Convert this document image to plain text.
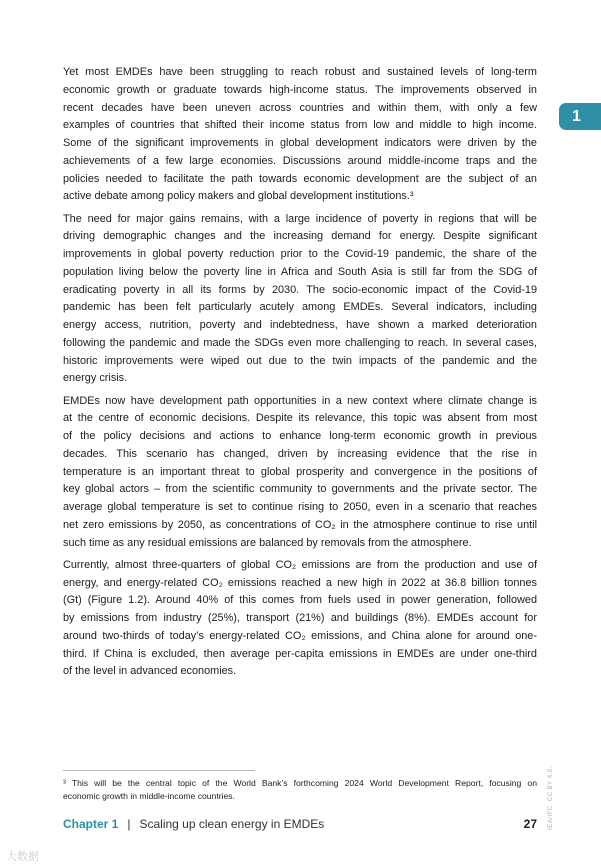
1
Yet most EMDEs have been struggling to reach robust and sustained levels of long-term
economic growth or graduate towards high-income status. The improvements observed in
recent decades have been uneven across countries and within them, with only a few
examples of countries that shifted their income status from low and middle to high income.
Some of the significant improvements in global development indicators were driven by the
achievements of a few large economies. Discussions around middle-income traps and the
policies needed to facilitate the path towards economic development are the subject of an
active debate among policy makers and global development institutions.³
The need for major gains remains, with a large incidence of poverty in regions that will be
driving demographic changes and the increasing demand for energy. Despite significant
improvements in global poverty reduction prior to the Covid-19 pandemic, the share of the
population living below the poverty line in Africa and South Asia is still far from the SDG of
eradicating poverty in all its forms by 2030. The socio-economic impact of the Covid-19
pandemic has been felt particularly acutely among EMDEs. Several indicators, including
energy access, nutrition, poverty and indebtedness, have shown a marked deterioration
following the pandemic and made the SDGs even more challenging to reach. In several cases,
historic improvements were wiped out due to the twin impacts of the pandemic and the
energy crisis.
EMDEs now have development path opportunities in a new context where climate change is
at the centre of economic decisions. Despite its relevance, this topic was absent from most
of the policy decisions and actions to enhance long-term economic growth in previous
decades. This scenario has changed, driven by increasing evidence that the rise in
temperature is an important threat to global prosperity and convergence in the positions of
key global actors – from the scientific community to governments and the private sector. The
average global temperature is set to continue rising to 2050, even in a scenario that reaches
net zero emissions by 2050, as concentrations of CO₂ in the atmosphere continue to rise until
such time as any residual emissions are balanced by removals from the atmosphere.
Currently, almost three-quarters of global CO₂ emissions are from the production and use of
energy, and energy-related CO₂ emissions reached a new high in 2022 at 36.8 billion tonnes
(Gt) (Figure 1.2). Around 40% of this comes from fuels used in power generation, followed
by emissions from industry (25%), transport (21%) and buildings (8%). EMDEs account for
around two-thirds of today’s energy-related CO₂ emissions, and China alone for around one-
third. If China is excluded, then average per-capita emissions in EMDEs are under one-third
of the level in advanced economies.
³ This will be the central topic of the World Bank’s forthcoming 2024 World Development Report, focusing on
economic growth in middle-income countries.
Chapter 1 | Scaling up clean energy in EMDEs	27 IEA/IFC. CC BY 4.0.
大数据
